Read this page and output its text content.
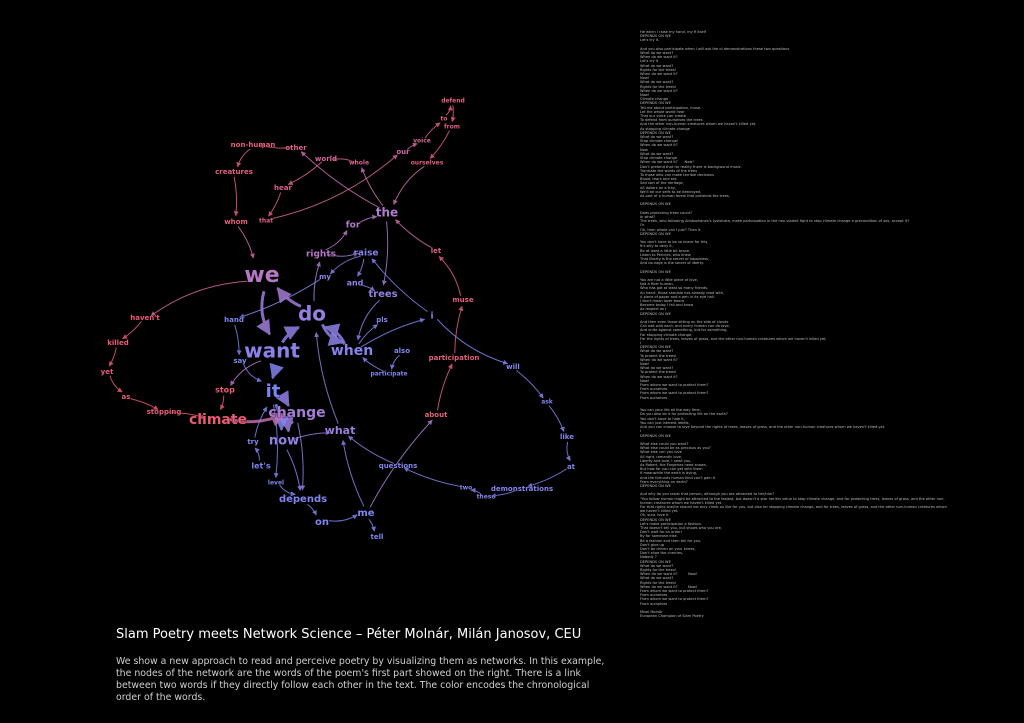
we
want
do
when
it
climate change
now
what
the
trees
rights
for
raise
and
i
my
pls
also
participate
hand
say
stop
try
let's
level
depends
on
me
tell
questions
two
these
demonstrations
at
like
ask
will
about
participation
muse
let
our
voice
to
defend
from
ourselves
world whole
other
non-human
creatures
whom
hear
that
haven't
killed
yet
as
stopping
He when I raise my hand, my fi itself
DEPENDS ON WE
Let's try it.

And you also participate when I will ask the ol demonstrations these two questions
What do we want?
When do we want it?
Let's try it
What do we want?
Rights for the trees!
When do we want it?
Now!
What do we want?
Rights for the trees!
When do we want it?
Now!
Climate change
DEPENDS ON WE
Tell me about participation, muse.
Let the whole world hear
That our voice can create
To defend from ourselves the trees
And the other non-human creatures whom we haven't killed yet.
As stopping climate change
DEPENDS ON WE
What do we want?
Stop climate change!
When do we want it?
Now
What do we want?
Stop climate change
When do we want it?      Now!
Don't pretend that for reality there is background music.
Translate the words of the trees
To those who can make terrible decisions
Blood, tears and sex
Sad sort of the heritage,
All dollars on a tray,
We'll be our selfs to be destroyed,
As part of a human forest that pretends the trees.

DEPENDS ON WE

Does protecting trees count?
In what?
The trees, who following Aristophanes's Lysistrata, make participation in the non-violent fight to stop climate change a precondition of sex, accept it?
Or
Oh, then whole can I just? Then it
DEPENDS ON WE

You don't have to be so brave for this,
It's silly to deny it,
Be at least a little bit brave,
Listen to Pericles, who knew
That liberty is the secret of happiness,
And courage is the secret of liberty.

DEPENDS ON WE

You are not a little piece of love,
Not a finer human,
Who has got at least so many friends.
An heart, those shoulda has already read with,
A piece of paper and a pen in its eye hall.
I don't mean lazer beam.
Become today I fall and know
As respect as I
DEPENDS ON WE

And then even those sitting on the side of clouds
Call wet-wild each, and every human can do love,
And unite against something, but for something,
For stopping climate change,
For the rights of trees, leaves of grass, and the other non-human creatures whom we haven't killed yet.
I
DEPENDS ON WE
What do we want?
To protect the trees!
When do we want it?
Now!
What do we want?
To protect the trees!
When do we want it?
Now!
From whom we want to protect them?
From ourselves
From whom we want to protect them?
From ourselves

You can your life all the way time,
Do you also do it for protecting life on the earth?
You don't have to hide it,
You can just interest rebels,
And you can choose to love beyond the rights of trees, leaves of grass, and the other non-human creatures whom we haven't killed yet.
I
DEPENDS ON WE

What else could you want?
What else could be as precious as you?
What else can you love
All right, romantic love,
Liberty and love, I need you,
As Robert, the Forgeries need snows,
But how far you can get with them
If meanwhile the earth is dying,
And the fortunes human kind can't gain it
From everything on earth?
DEPENDS ON WE

And why do you resist that person, although you are attracted to her/him?
"You follow human might be attracted to the fastest, but doesn't a star her/his value to stop climate change, and for protecting trees, leaves of grass, and the other non-
human creatures whom we haven't killed yet.
For that rights she/he should not only climb on like for you, but also for stopping climate change, and for trees, leaves of grass, and the other non-human creatures whom
we haven't killed yet.
Oh, sure, love it
DEPENDS ON WE
Let's make participation a fashion.
That doesn't tell you, but shows who you are,
Don't wait for an order!
By for someone else.
Be a fashion and then tell for you,
Don't give up
Don't be driven on your knees,
Don't shoe the cherries,
Nobody ?
DEPENDS ON WE
What do we want?
Rights for the trees!
When do we want it?         Now!
What do we want?
Rights for the trees!
When do we want it?         Now!
From whom we want to protect them?
From ourselves
From whom we want to protect them?
From ourselves

Misel Molnár
European Champion of Slam Poetry
Slam Poetry meets Network Science – Péter Molnár, Milán Janosov, CEU
We show a new approach to read and perceive poetry by visualizing them as networks. In this example, the nodes of the network are the words of the poem's first part showed on the right. There is a link between two words if they directly follow each other in the text. The color encodes the chronological order of the words.
